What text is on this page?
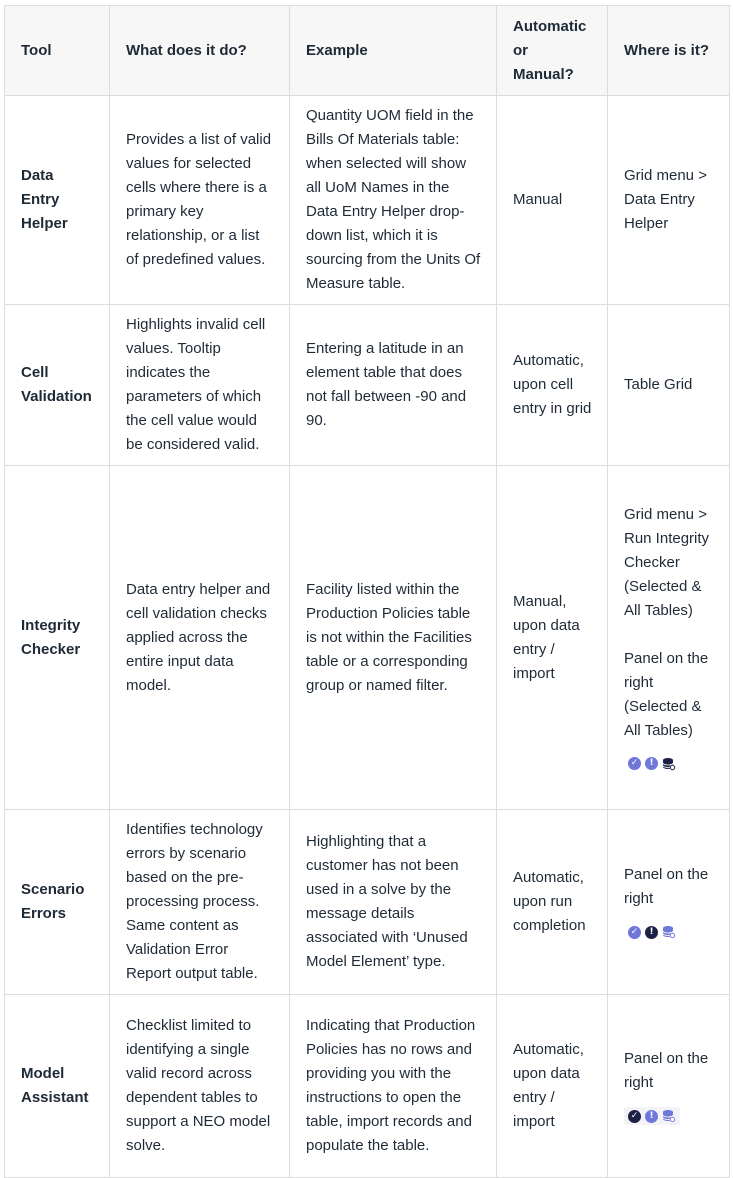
Tool	What does it do?	Example	Automatic or Manual?	Where is it?
Data Entry Helper	Provides a list of valid values for selected cells where there is a primary key relationship, or a list of predefined values.	Quantity UOM field in the Bills Of Materials table: when selected will show all UoM Names in the Data Entry Helper drop-down list, which it is sourcing from the Units Of Measure table.	Manual	Grid menu > Data Entry Helper
Cell Validation	Highlights invalid cell values. Tooltip indicates the parameters of which the cell value would be considered valid.	Entering a latitude in an element table that does not fall between -90 and 90.	Automatic, upon cell entry in grid	Table Grid
Integrity Checker	Data entry helper and cell validation checks applied across the entire input data model.	Facility listed within the Production Policies table is not within the Facilities table or a corresponding group or named filter.	Manual, upon data entry / import	Grid menu > Run Integrity Checker (Selected & All Tables)
Panel on the right (Selected & All Tables)
✓ !

Scenario Errors	Identifies technology errors by scenario based on the pre-processing process. Same content as Validation Error Report output table.	Highlighting that a customer has not been used in a solve by the message details associated with ‘Unused Model Element’ type.	Automatic, upon run completion	Panel on the right
✓ !

Model Assistant	Checklist limited to identifying a single valid record across dependent tables to support a NEO model solve.	Indicating that Production Policies has no rows and providing you with the instructions to open the table, import records and populate the table.	Automatic, upon data entry / import	Panel on the right
✓ !
